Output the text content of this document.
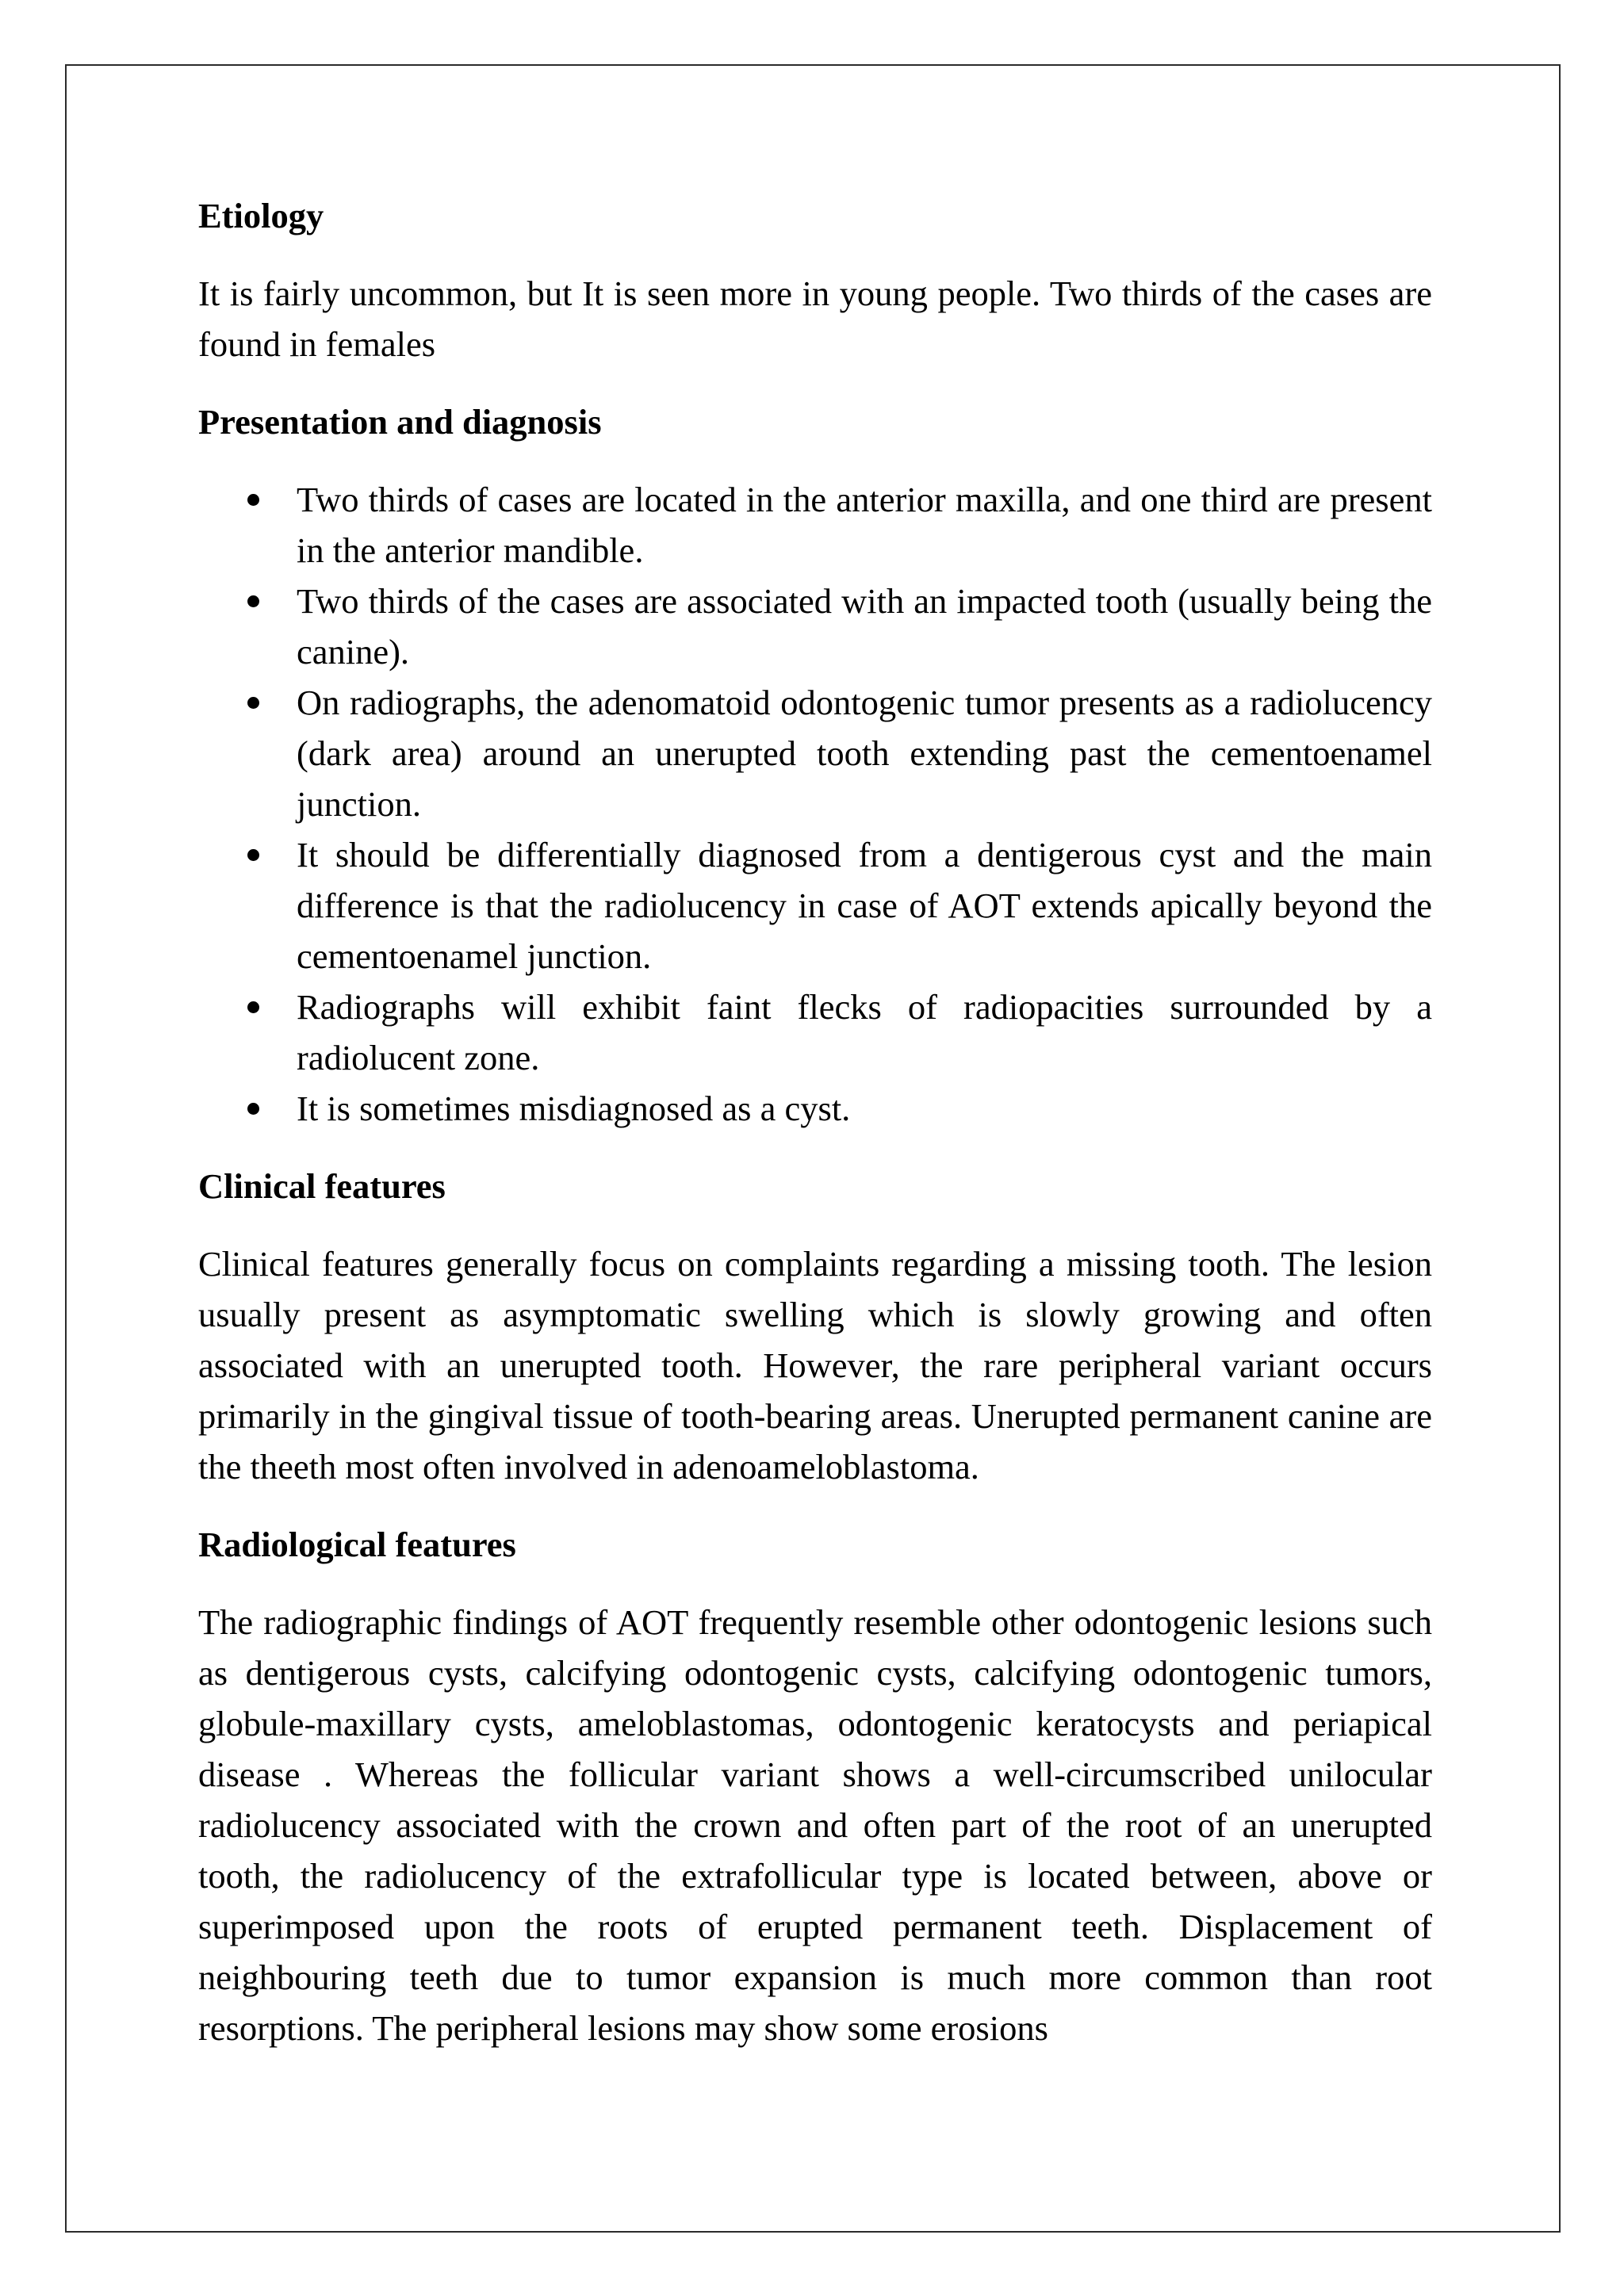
Etiology

It is fairly uncommon, but It is seen more in young people. Two thirds of the cases are found in females

Presentation and diagnosis
Two thirds of cases are located in the anterior maxilla, and one third are present in the anterior mandible.
Two thirds of the cases are associated with an impacted tooth (usually being the canine).
On radiographs, the adenomatoid odontogenic tumor presents as a radiolucency (dark area) around an unerupted tooth extending past the cementoenamel junction.
It should be differentially diagnosed from a dentigerous cyst and the main difference is that the radiolucency in case of AOT extends apically beyond the cementoenamel junction.
Radiographs will exhibit faint flecks of radiopacities surrounded by a radiolucent zone.
It is sometimes misdiagnosed as a cyst.
Clinical features

Clinical features generally focus on complaints regarding a missing tooth. The lesion usually present as asymptomatic swelling which is slowly growing and often associated with an unerupted tooth. However, the rare peripheral variant occurs primarily in the gingival tissue of tooth-bearing areas. Unerupted permanent canine are the theeth most often involved in adenoameloblastoma.

Radiological features

The radiographic findings of AOT frequently resemble other odontogenic lesions such as dentigerous cysts, calcifying odontogenic cysts, calcifying odontogenic tumors, globule-maxillary cysts, ameloblastomas, odontogenic keratocysts and periapical disease . Whereas the follicular variant shows a well-circumscribed unilocular radiolucency associated with the crown and often part of the root of an unerupted tooth, the radiolucency of the extrafollicular type is located between, above or superimposed upon the roots of erupted permanent teeth. Displacement of neighbouring teeth due to tumor expansion is much more common than root resorptions. The peripheral lesions may show some erosions
